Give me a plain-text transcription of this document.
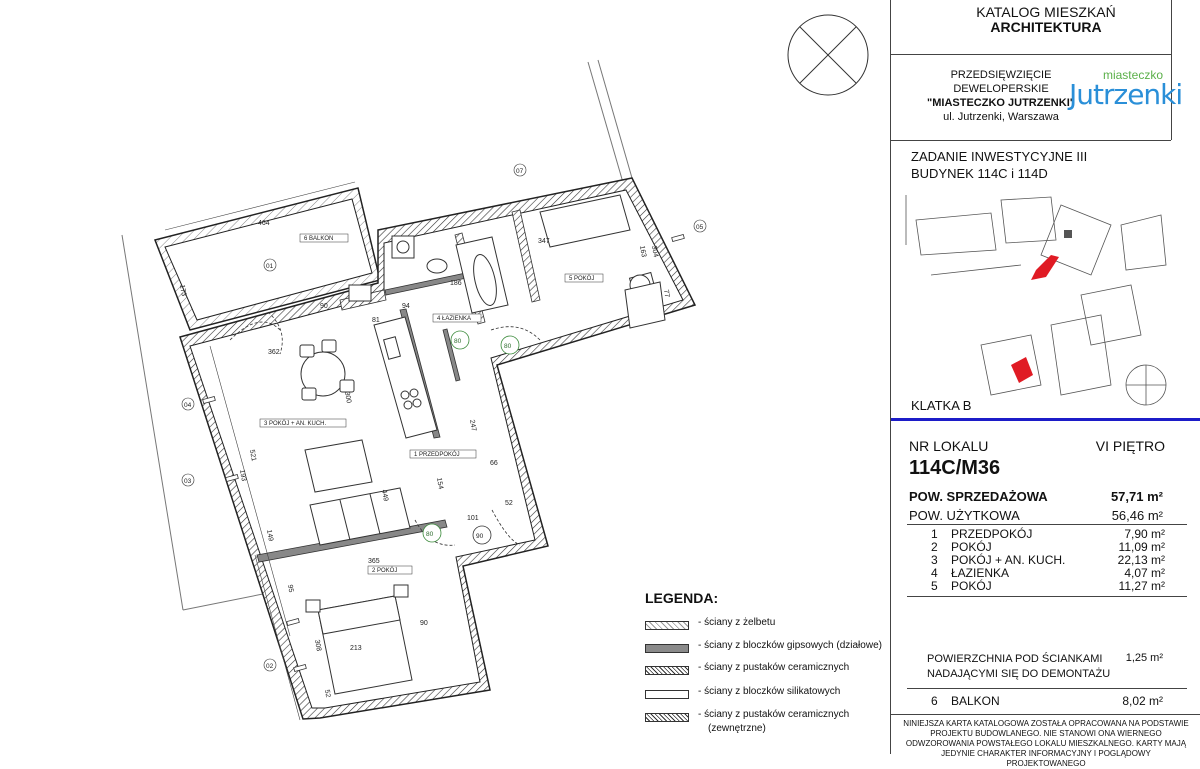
6 BALKON
3 POKÓJ + AN. KUCH.
1 PRZEDPOKÓJ
2 POKÓJ
4 ŁAZIENKA
5 POKÓJ
464
173
362
347
186
365
213
247
521
193
149
300
154
449
101
163 304
77
90
81
94
66
52
308
52
95
90
01
04
03
02
05
07
80
80
80	90
LEGENDA:
- ściany z żelbetu
- ściany z bloczków gipsowych (działowe)
- ściany z pustaków ceramicznych
- ściany z bloczków silikatowych
- ściany z pustaków ceramicznych
(zewnętrzne)
KATALOG MIESZKAŃ
ARCHITEKTURA
PRZEDSIĘWZIĘCIE
DEWELOPERSKIE
"MIASTECZKO JUTRZENKI"
ul. Jutrzenki, Warszawa
miasteczko
Jutrzenki
ZADANIE INWESTYCYJNE III
BUDYNEK 114C i 114D
KLATKA B
NR LOKALU	VI PIĘTRO
114C/M36
POW. SPRZEDAŻOWA	57,71 m²
POW. UŻYTKOWA	56,46 m²
1 PRZEDPOKÓJ	7,90 m²
2 POKÓJ	11,09 m²
3 POKÓJ + AN. KUCH.	22,13 m²
4 ŁAZIENKA	4,07 m²
5 POKÓJ	11,27 m²
POWIERZCHNIA POD ŚCIANKAMI
NADAJĄCYMI SIĘ DO DEMONTAŻU
1,25 m²
6 BALKON	8,02 m²
NINIEJSZA KARTA KATALOGOWA ZOSTAŁA OPRACOWANA NA PODSTAWIE
PROJEKTU BUDOWLANEGO. NIE STANOWI ONA WIERNEGO
ODWZOROWANIA POWSTAŁEGO LOKALU MIESZKALNEGO. KARTY MAJĄ
JEDYNIE CHARAKTER INFORMACYJNY I POGLĄDOWY PROJEKTOWANEGO
